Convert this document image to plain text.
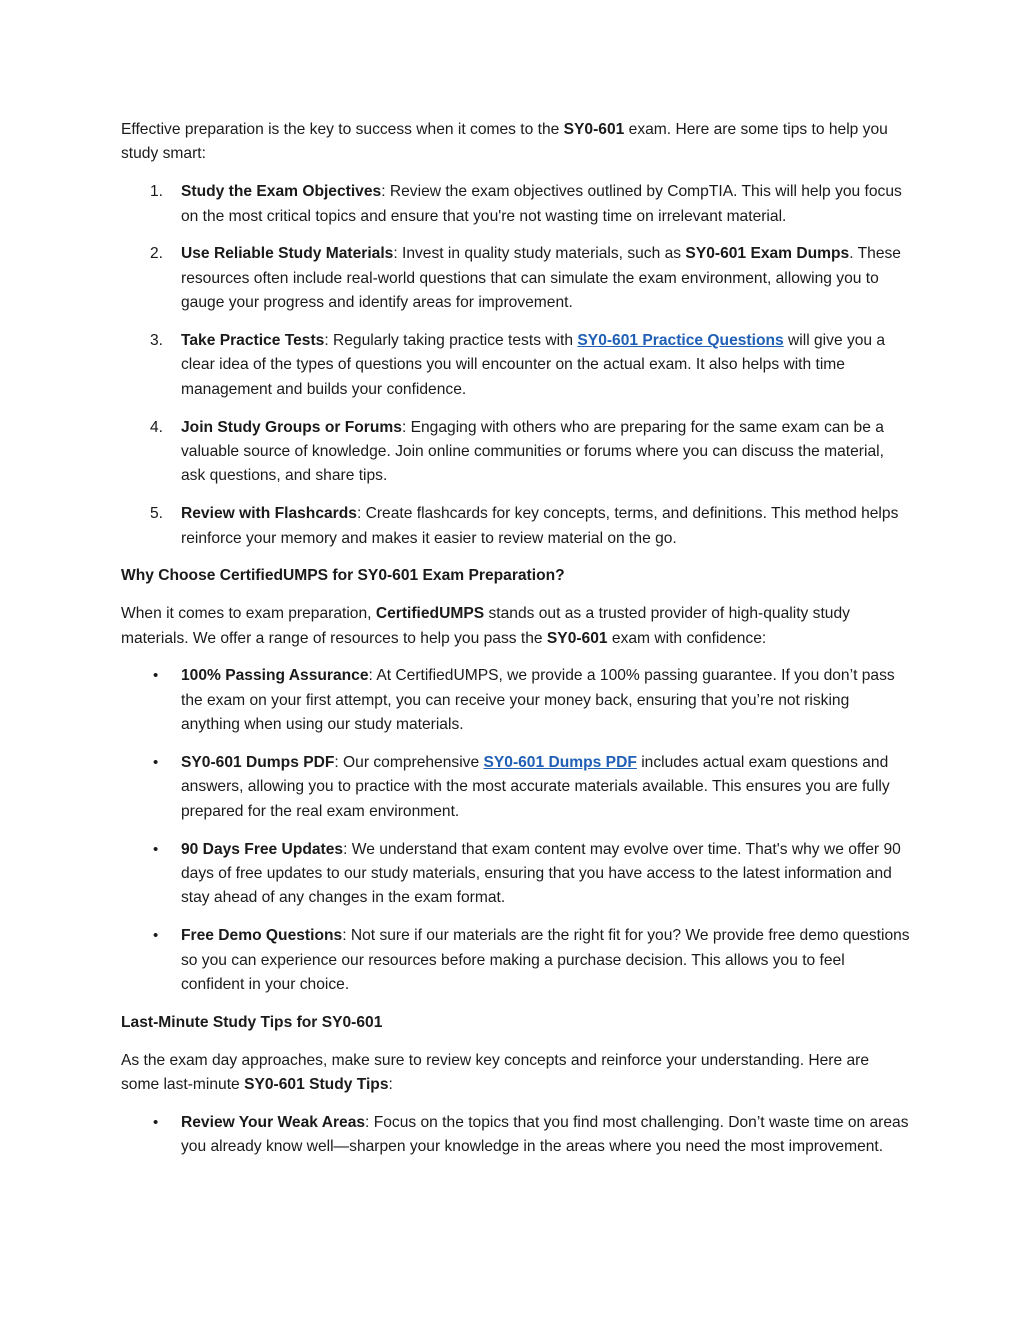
Effective preparation is the key to success when it comes to the SY0-601 exam. Here are some tips to help you study smart:

1.	Study the Exam Objectives: Review the exam objectives outlined by CompTIA. This will help you focus on the most critical topics and ensure that you're not wasting time on irrelevant material.
2.	Use Reliable Study Materials: Invest in quality study materials, such as SY0-601 Exam Dumps. These resources often include real-world questions that can simulate the exam environment, allowing you to gauge your progress and identify areas for improvement.
3.	Take Practice Tests: Regularly taking practice tests with SY0-601 Practice Questions will give you a clear idea of the types of questions you will encounter on the actual exam. It also helps with time management and builds your confidence.
4.	Join Study Groups or Forums: Engaging with others who are preparing for the same exam can be a valuable source of knowledge. Join online communities or forums where you can discuss the material, ask questions, and share tips.
5.	Review with Flashcards: Create flashcards for key concepts, terms, and definitions. This method helps reinforce your memory and makes it easier to review material on the go.

Why Choose CertifiedUMPS for SY0-601 Exam Preparation?

When it comes to exam preparation, CertifiedUMPS stands out as a trusted provider of high-quality study materials. We offer a range of resources to help you pass the SY0-601 exam with confidence:

• 100% Passing Assurance: At CertifiedUMPS, we provide a 100% passing guarantee. If you don’t pass the exam on your first attempt, you can receive your money back, ensuring that you’re not risking anything when using our study materials.
• SY0-601 Dumps PDF: Our comprehensive SY0-601 Dumps PDF includes actual exam questions and answers, allowing you to practice with the most accurate materials available. This ensures you are fully prepared for the real exam environment.
• 90 Days Free Updates: We understand that exam content may evolve over time. That's why we offer 90 days of free updates to our study materials, ensuring that you have access to the latest information and stay ahead of any changes in the exam format.
• Free Demo Questions: Not sure if our materials are the right fit for you? We provide free demo questions so you can experience our resources before making a purchase decision. This allows you to feel confident in your choice.

Last-Minute Study Tips for SY0-601

As the exam day approaches, make sure to review key concepts and reinforce your understanding. Here are some last-minute SY0-601 Study Tips:

• Review Your Weak Areas: Focus on the topics that you find most challenging. Don’t waste time on areas you already know well—sharpen your knowledge in the areas where you need the most improvement.
